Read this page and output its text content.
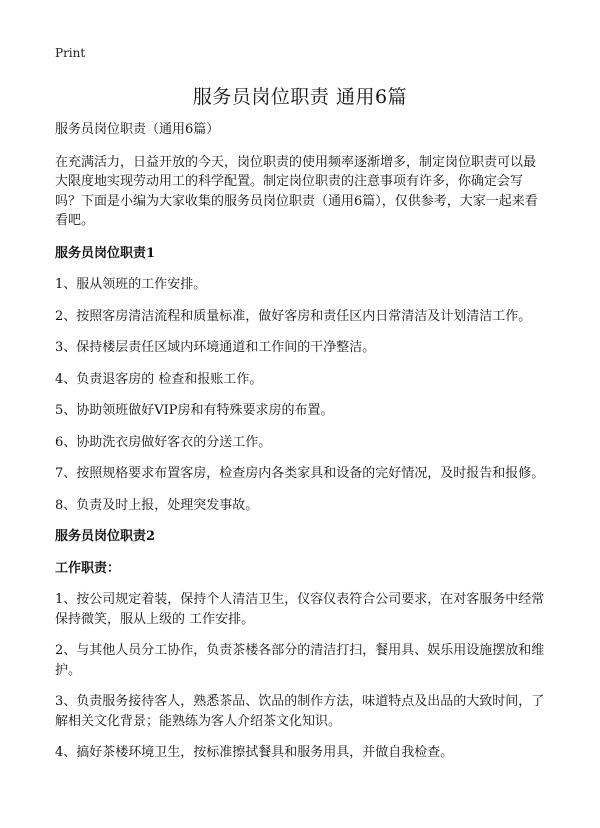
Print
服务员岗位职责 通用6篇

服务员岗位职责（通用6篇）

在充满活力，日益开放的今天，岗位职责的使用频率逐渐增多，制定岗位职责可以最大限度地实现劳动用工的科学配置。制定岗位职责的注意事项有许多，你确定会写吗？下面是小编为大家收集的服务员岗位职责（通用6篇），仅供参考，大家一起来看看吧。

服务员岗位职责1

1、服从领班的工作安排。

2、按照客房清洁流程和质量标准，做好客房和责任区内日常清洁及计划清洁工作。

3、保持楼层责任区域内环境通道和工作间的干净整洁。

4、负责退客房的 检查和报账工作。

5、协助领班做好VIP房和有特殊要求房的布置。

6、协助洗衣房做好客衣的分送工作。

7、按照规格要求布置客房，检查房内各类家具和设备的完好情况，及时报告和报修。

8、负责及时上报，处理突发事故。

服务员岗位职责2

工作职责：

1、按公司规定着装，保持个人清洁卫生，仪容仪表符合公司要求，在对客服务中经常保持微笑，服从上级的 工作安排。

2、与其他人员分工协作，负责茶楼各部分的清洁打扫，餐用具、娱乐用设施摆放和维护。

3、负责服务接待客人，熟悉茶品、饮品的制作方法，味道特点及出品的大致时间，了解相关文化背景；能熟练为客人介绍茶文化知识。

4、搞好茶楼环境卫生，按标准擦拭餐具和服务用具，并做自我检查。
